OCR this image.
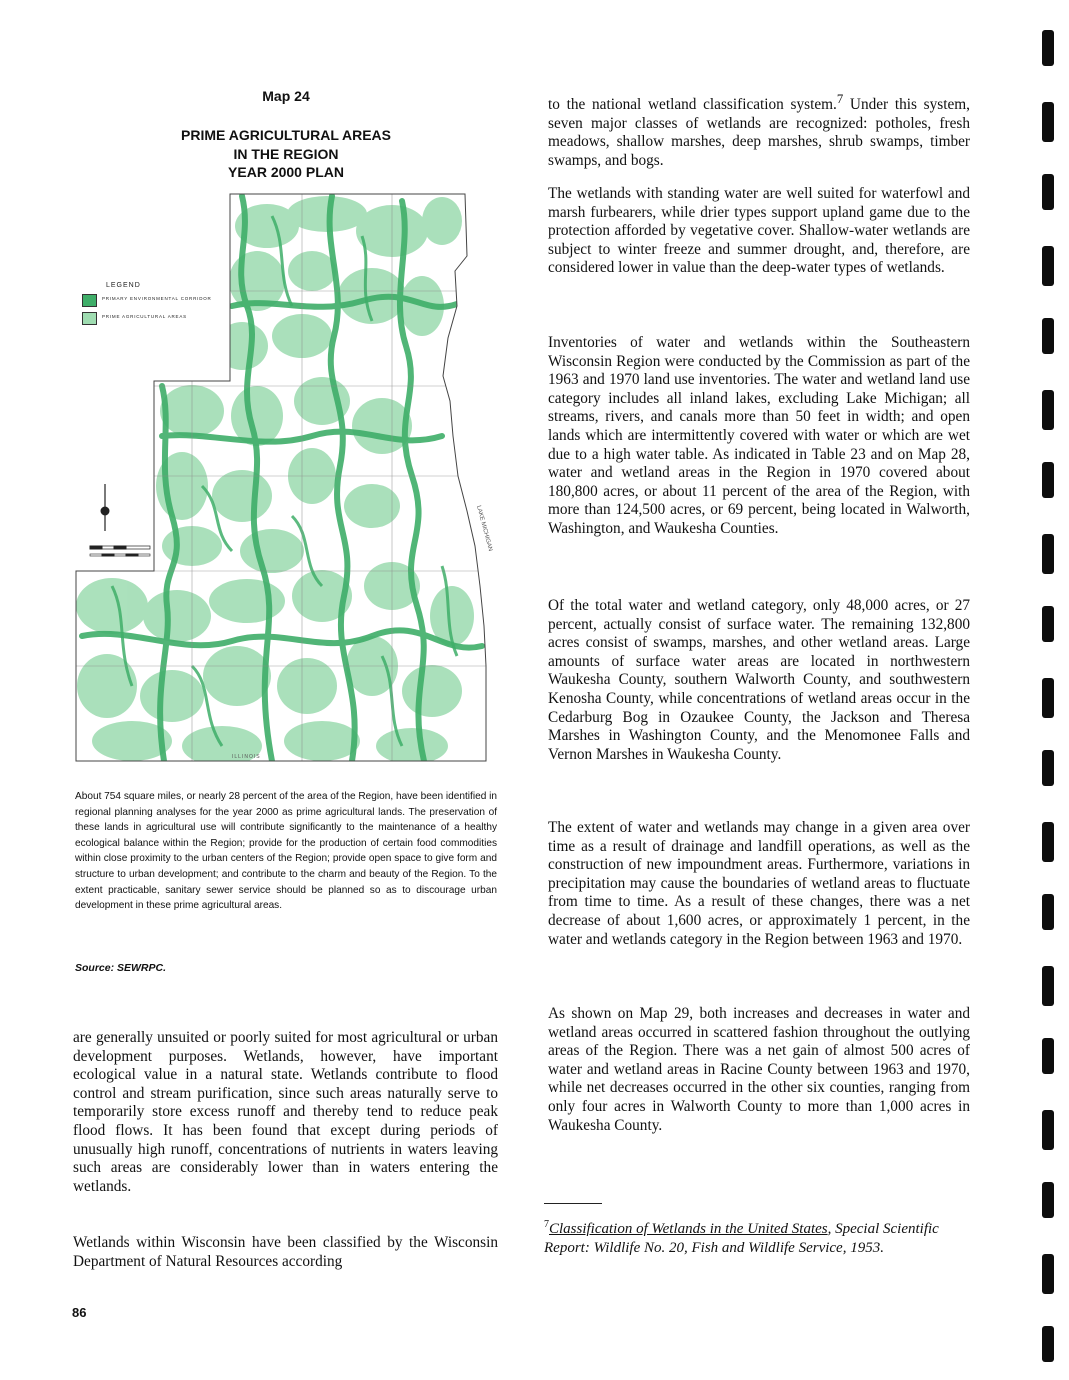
Map 24
PRIME AGRICULTURAL AREAS
IN THE REGION
YEAR 2000 PLAN
LAKE MICHIGAN
ILLINOIS
LEGEND
PRIMARY ENVIRONMENTAL CORRIDOR
PRIME AGRICULTURAL AREAS

About 754 square miles, or nearly 28 percent of the area of the Region, have been identified in regional planning analyses for the year 2000 as prime agricultural lands. The preservation of these lands in agricultural use will contribute significantly to the maintenance of a healthy ecological balance within the Region; provide for the production of certain food commodities within close proximity to the urban centers of the Region; provide open space to give form and structure to urban development; and contribute to the charm and beauty of the Region. To the extent practicable, sanitary sewer service should be planned so as to discourage urban development in these prime agricultural areas.

Source: SEWRPC.

are generally unsuited or poorly suited for most agricultural or urban development purposes. Wetlands, however, have important ecological value in a natural state. Wetlands contribute to flood control and stream purification, since such areas naturally serve to temporarily store excess runoff and thereby tend to reduce peak flood flows. It has been found that except during periods of unusually high runoff, concentrations of nutrients in waters leaving such areas are considerably lower than in waters entering the wetlands.

Wetlands within Wisconsin have been classified by the Wisconsin Department of Natural Resources according

to the national wetland classification system.$^7$ Under this system, seven major classes of wetlands are recognized: potholes, fresh meadows, shallow marshes, deep marshes, shrub swamps, timber swamps, and bogs.

The wetlands with standing water are well suited for waterfowl and marsh furbearers, while drier types support upland game due to the protection afforded by vegetative cover. Shallow-water wetlands are subject to winter freeze and summer drought, and, therefore, are considered lower in value than the deep-water types of wetlands.

Inventories of water and wetlands within the Southeastern Wisconsin Region were conducted by the Commission as part of the 1963 and 1970 land use inventories. The water and wetland land use category includes all inland lakes, excluding Lake Michigan; all streams, rivers, and canals more than 50 feet in width; and open lands which are intermittently covered with water or which are wet due to a high water table. As indicated in Table 23 and on Map 28, water and wetland areas in the Region in 1970 covered about 180,800 acres, or about 11 percent of the area of the Region, with more than 124,500 acres, or 69 percent, being located in Walworth, Washington, and Waukesha Counties.

Of the total water and wetland category, only 48,000 acres, or 27 percent, actually consist of surface water. The remaining 132,800 acres consist of swamps, marshes, and other wetland areas. Large amounts of surface water areas are located in northwestern Waukesha County, southern Walworth County, and southwestern Kenosha County, while concentrations of wetland areas occur in the Cedarburg Bog in Ozaukee County, the Jackson and Theresa Marshes in Washington County, and the Menomonee Falls and Vernon Marshes in Waukesha County.

The extent of water and wetlands may change in a given area over time as a result of drainage and landfill operations, as well as the construction of new impoundment areas. Furthermore, variations in precipitation may cause the boundaries of wetland areas to fluctuate from time to time. As a result of these changes, there was a net decrease of about 1,600 acres, or approximately 1 percent, in the water and wetlands category in the Region between 1963 and 1970.

As shown on Map 29, both increases and decreases in water and wetland areas occurred in scattered fashion throughout the outlying areas of the Region. There was a net gain of almost 500 acres of water and wetland areas in Racine County between 1963 and 1970, while net decreases occurred in the other six counties, ranging from only four acres in Walworth County to more than 1,000 acres in Waukesha County.

$^7$Classification of Wetlands in the United States, Special Scientific Report: Wildlife No. 20, Fish and Wildlife Service, 1953.

86
